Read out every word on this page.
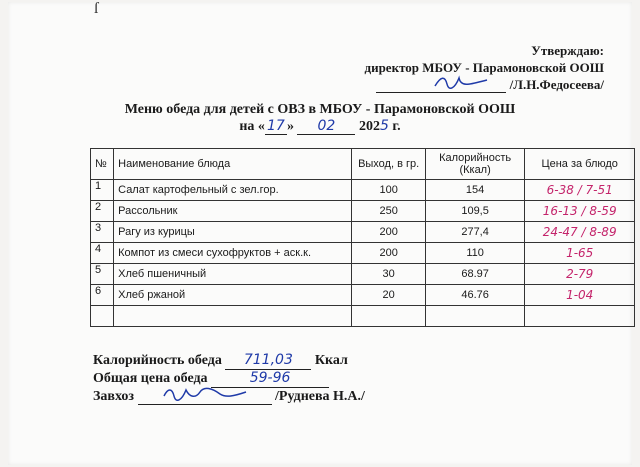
ſ
Утверждаю:
директор МБОУ - Парамоновской ООШ
/Л.Н.Федосеева/
Меню обеда для детей с ОВЗ в МБОУ - Парамоновской ООШ
на « 17 » 02 2025 г.
№	Наименование блюда	Выход, в гр.	Калорийность (Ккал)	Цена за блюдо
1	Салат картофельный с зел.гор.	100	154	6-38 / 7-51
2	Рассольник	250	109,5	16-13 / 8-59
3	Рагу из курицы	200	277,4	24-47 / 8-89
4	Компот из смеси сухофруктов + аск.к.	200	110	1-65
5	Хлеб пшеничный	30	68.97	2-79
6	Хлеб ржаной	20	46.76	1-04

Калорийность обеда 711,03 Ккал
Общая цена обеда	59-96
Завхоз	/Руднева Н.А./
